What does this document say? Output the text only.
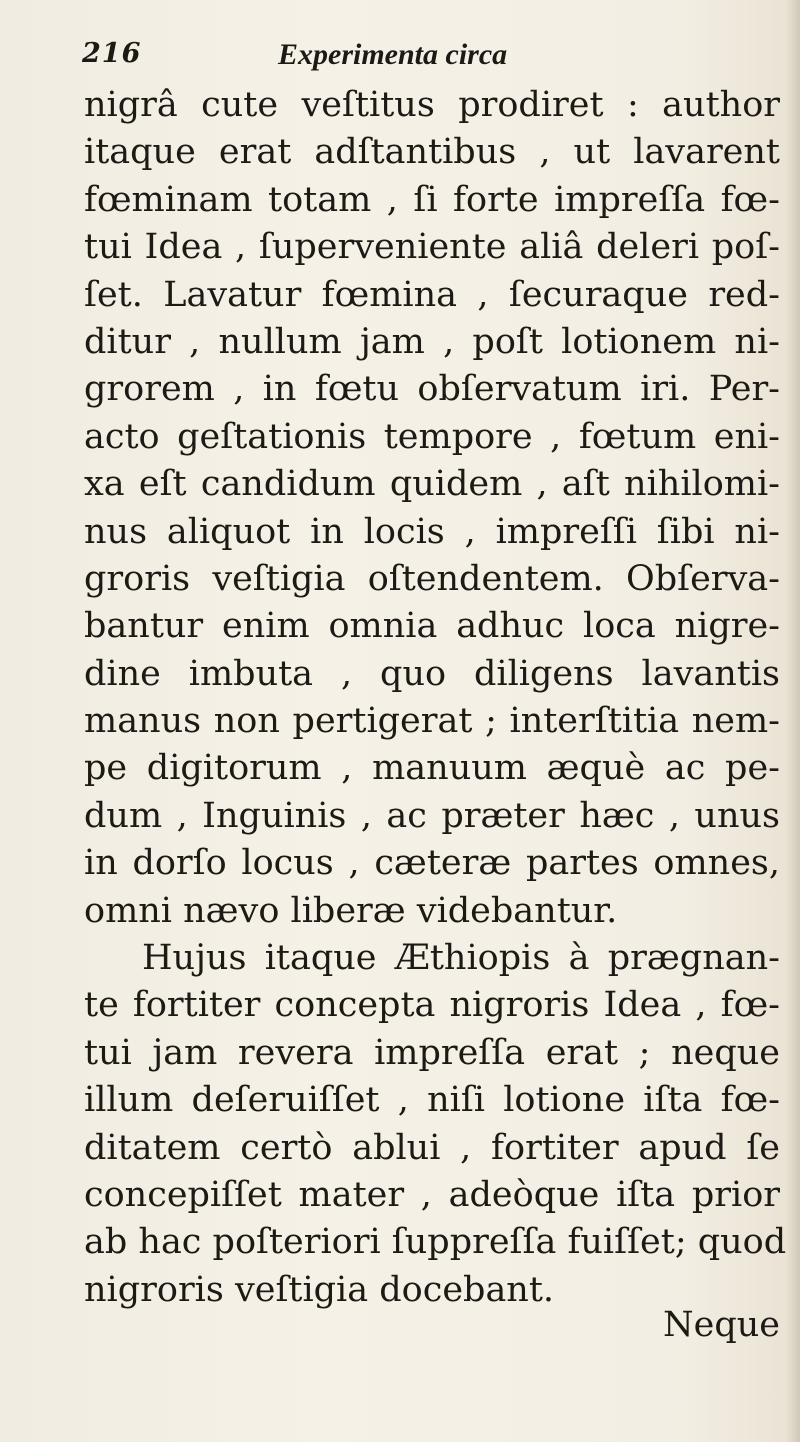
216	Experimenta circa
nigrâ cute veſtitus prodiret : author
itaque erat adſtantibus , ut lavarent
fœminam totam , ſi forte impreſſa fœ-
tui Idea , ſuperveniente aliâ deleri poſ-
ſet. Lavatur fœmina , ſecuraque red-
ditur , nullum jam , poſt lotionem ni-
grorem , in fœtu obſervatum iri. Per-
acto geſtationis tempore , fœtum eni-
xa eſt candidum quidem , aſt nihilomi-
nus aliquot in locis , impreſſi ſibi ni-
groris veſtigia oſtendentem. Obſerva-
bantur enim omnia adhuc loca nigre-
dine imbuta , quo diligens lavantis
manus non pertigerat ; interſtitia nem-
pe digitorum , manuum æquè ac pe-
dum , Inguinis , ac præter hæc , unus
in dorſo locus , cæteræ partes omnes,
omni nævo liberæ videbantur.
Hujus itaque Æthiopis à prægnan-
te fortiter concepta nigroris Idea , fœ-
tui jam revera impreſſa erat ; neque
illum deſeruiſſet , niſi lotione iſta fœ-
ditatem certò ablui , fortiter apud ſe
concepiſſet mater , adeòque iſta prior
ab hac poſteriori ſuppreſſa fuiſſet; quod
nigroris veſtigia docebant.
Neque
